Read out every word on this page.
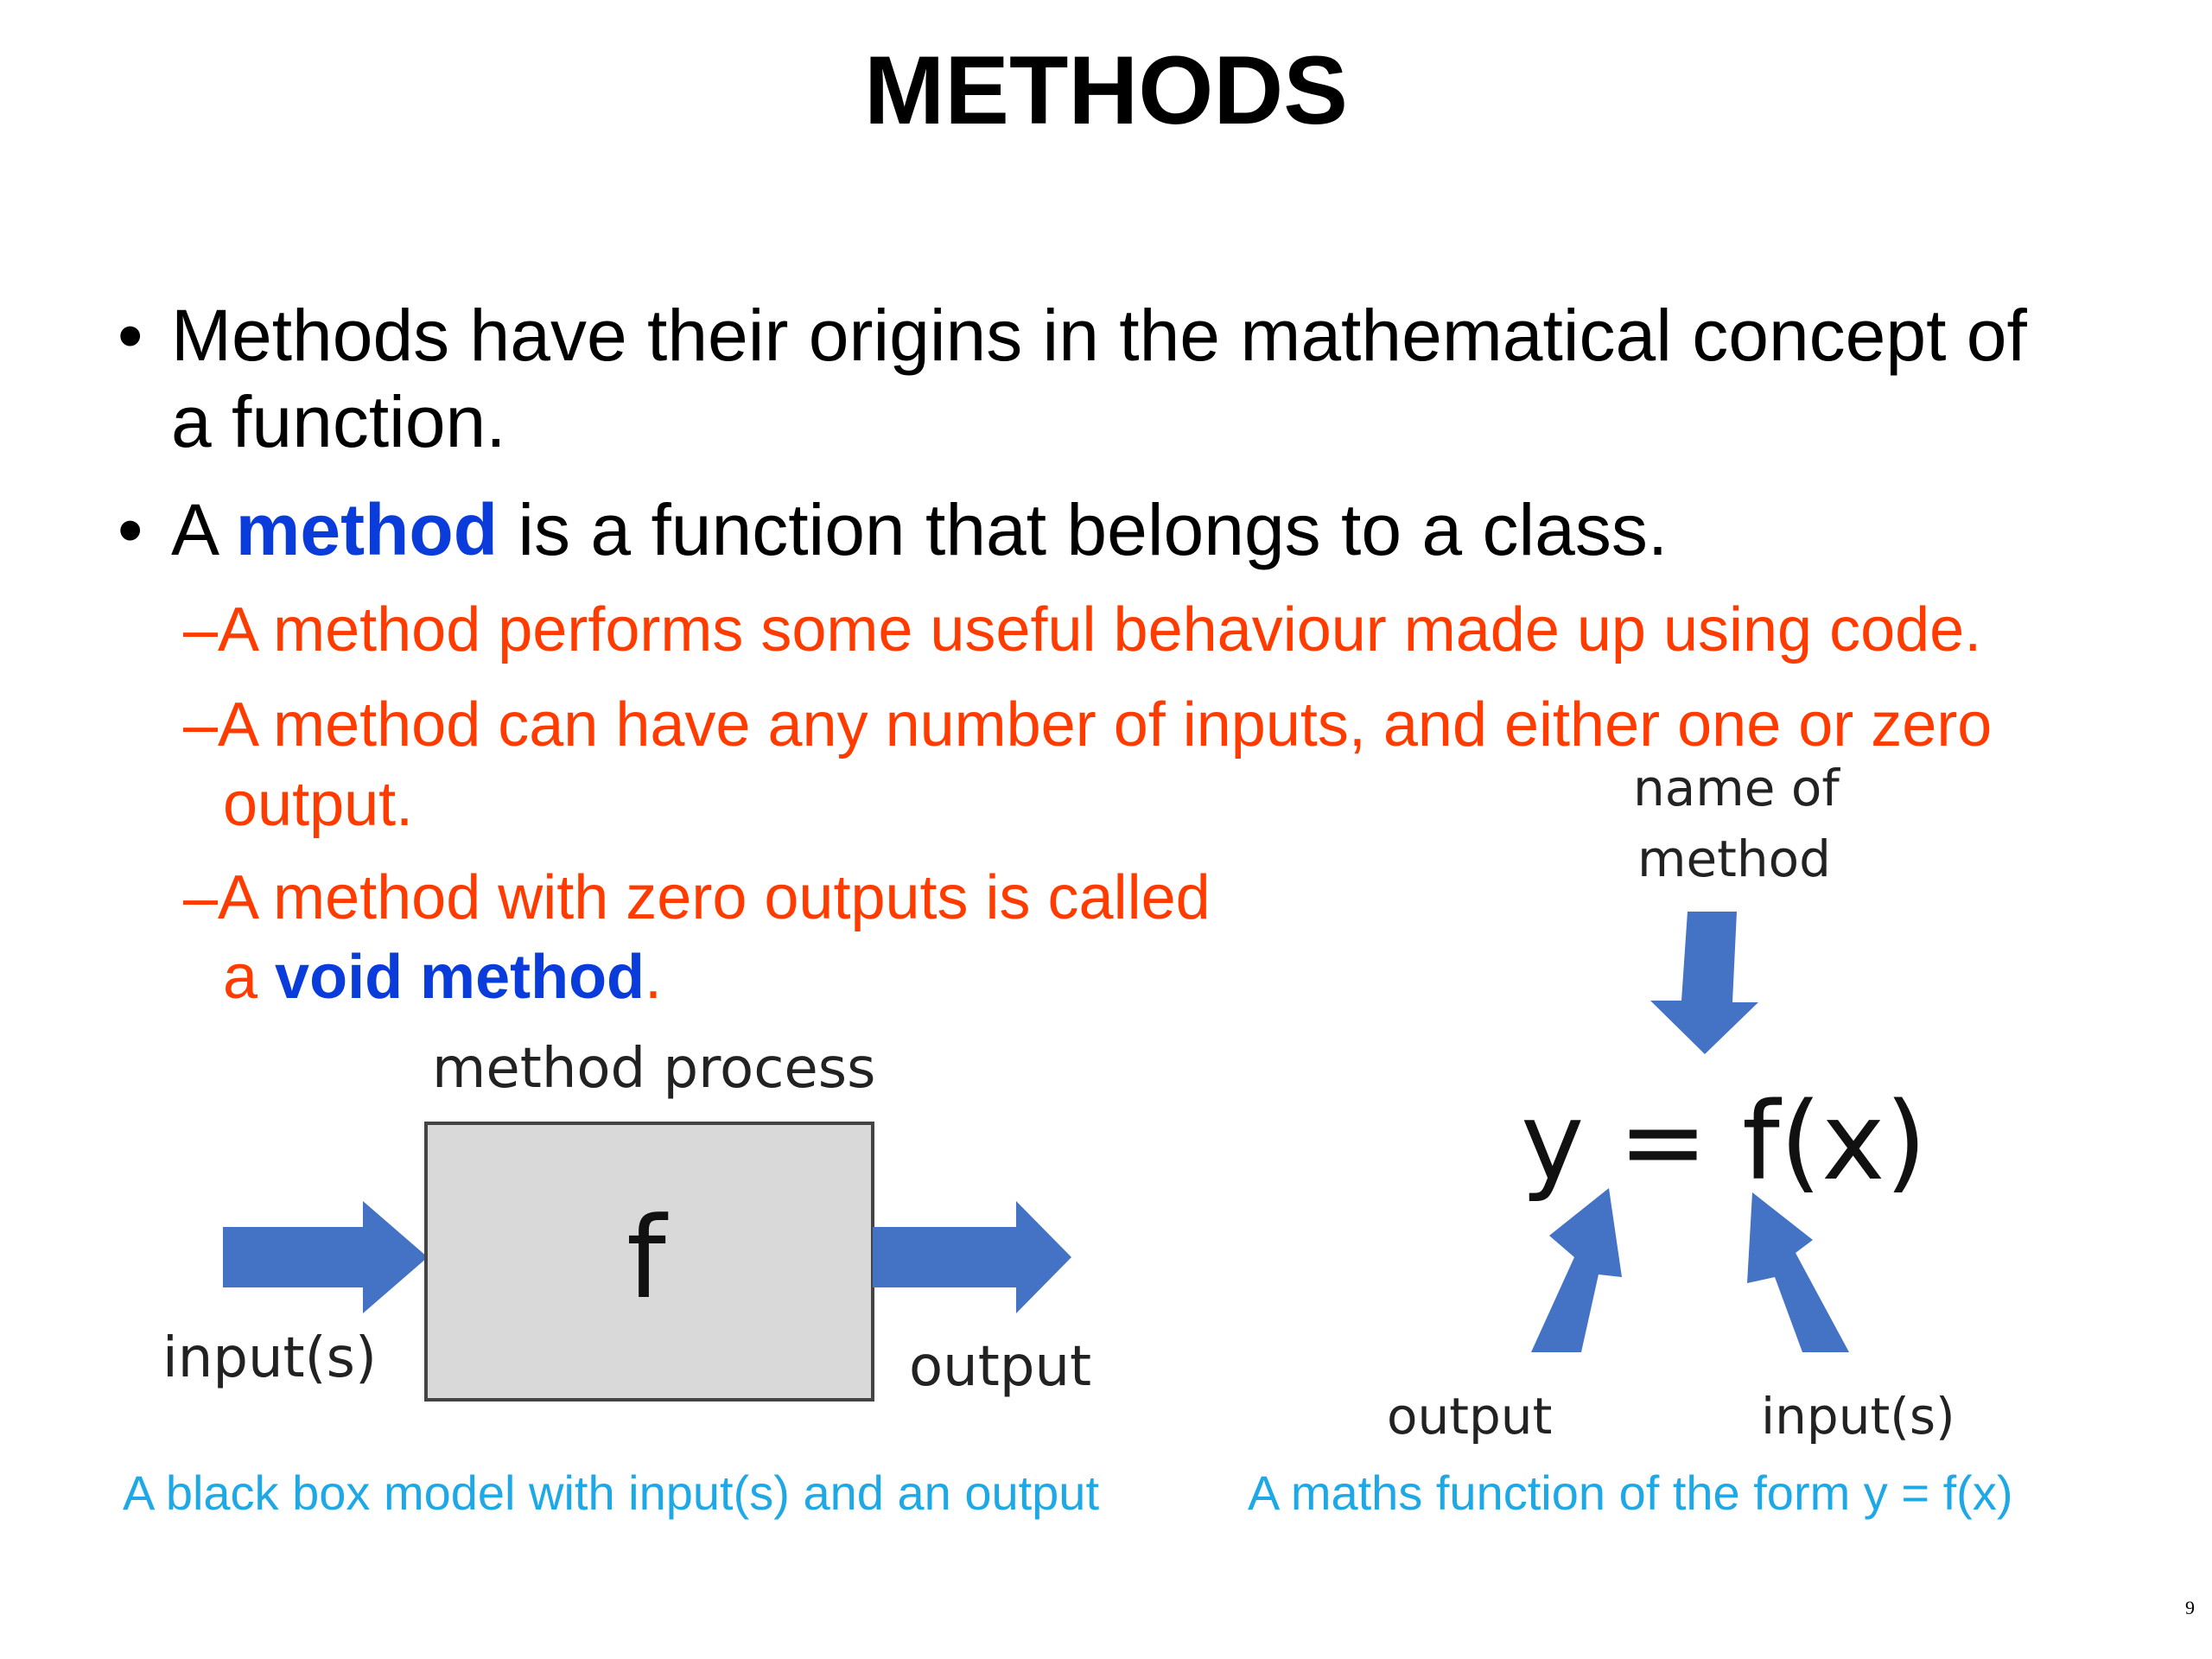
METHODS
• Methods have their origins in the mathematical concept of
a function.
• A method is a function that belongs to a class.
–A method performs some useful behaviour made up using code.
–A method can have any number of inputs, and either one or zero
output.
–A method with zero outputs is called
a void method.
method process
f
input(s)	output
A black box model with input(s) and an output
name of
method
y = f(x)
output	input(s)
A maths function of the form y = f(x)
9
